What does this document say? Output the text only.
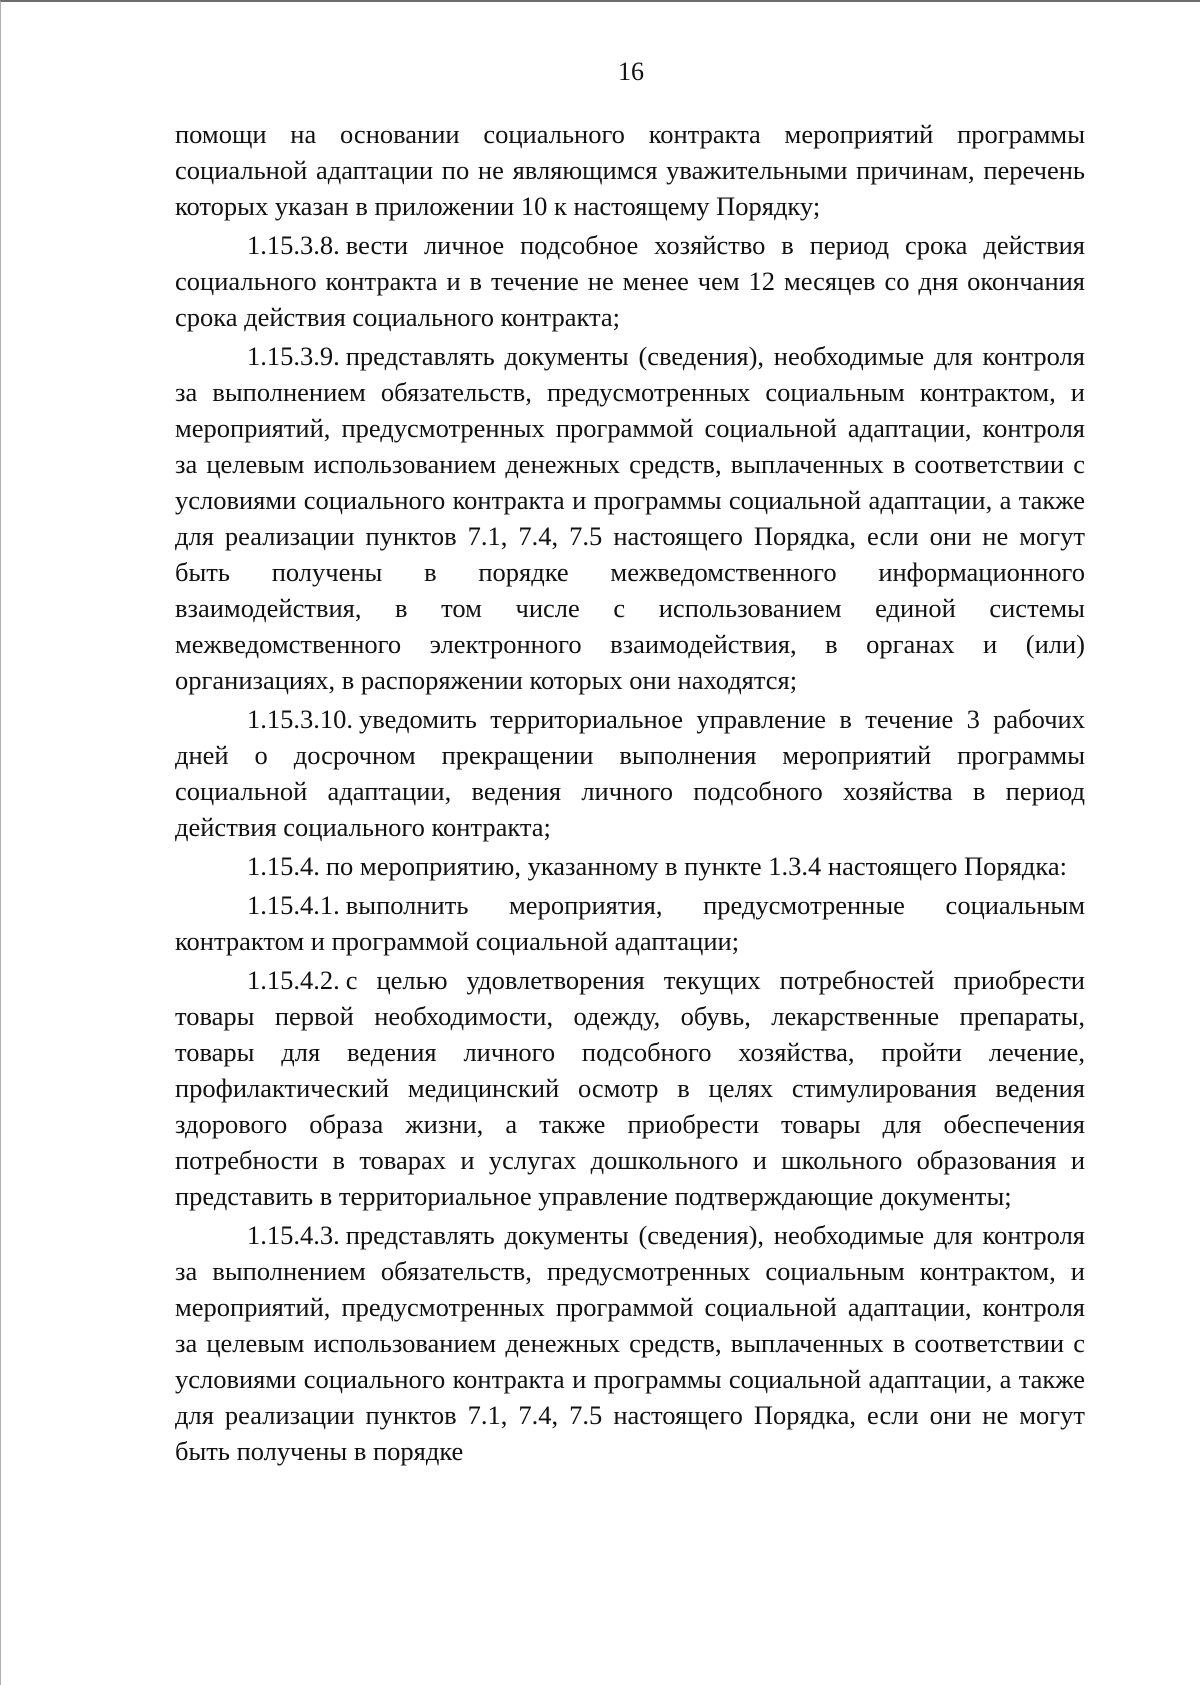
16

помощи на основании социального контракта мероприятий программы социальной адаптации по не являющимся уважительными причинам, перечень которых указан в приложении 10 к настоящему Порядку;

1.15.3.8. вести личное подсобное хозяйство в период срока действия социального контракта и в течение не менее чем 12 месяцев со дня окончания срока действия социального контракта;

1.15.3.9. представлять документы (сведения), необходимые для контроля за выполнением обязательств, предусмотренных социальным контрактом, и мероприятий, предусмотренных программой социальной адаптации, контроля за целевым использованием денежных средств, выплаченных в соответствии с условиями социального контракта и программы социальной адаптации, а также для реализации пунктов 7.1, 7.4, 7.5 настоящего Порядка, если они не могут быть получены в порядке межведомственного информационного взаимодействия, в том числе с использованием единой системы межведомственного электронного взаимодействия, в органах и (или) организациях, в распоряжении которых они находятся;

1.15.3.10. уведомить территориальное управление в течение 3 рабочих дней о досрочном прекращении выполнения мероприятий программы социальной адаптации, ведения личного подсобного хозяйства в период действия социального контракта;

1.15.4. по мероприятию, указанному в пункте 1.3.4 настоящего Порядка:

1.15.4.1. выполнить мероприятия, предусмотренные социальным контрактом и программой социальной адаптации;

1.15.4.2. с целью удовлетворения текущих потребностей приобрести товары первой необходимости, одежду, обувь, лекарственные препараты, товары для ведения личного подсобного хозяйства, пройти лечение, профилактический медицинский осмотр в целях стимулирования ведения здорового образа жизни, а также приобрести товары для обеспечения потребности в товарах и услугах дошкольного и школьного образования и представить в территориальное управление подтверждающие документы;

1.15.4.3. представлять документы (сведения), необходимые для контроля за выполнением обязательств, предусмотренных социальным контрактом, и мероприятий, предусмотренных программой социальной адаптации, контроля за целевым использованием денежных средств, выплаченных в соответствии с условиями социального контракта и программы социальной адаптации, а также для реализации пунктов 7.1, 7.4, 7.5 настоящего Порядка, если они не могут быть получены в порядке
